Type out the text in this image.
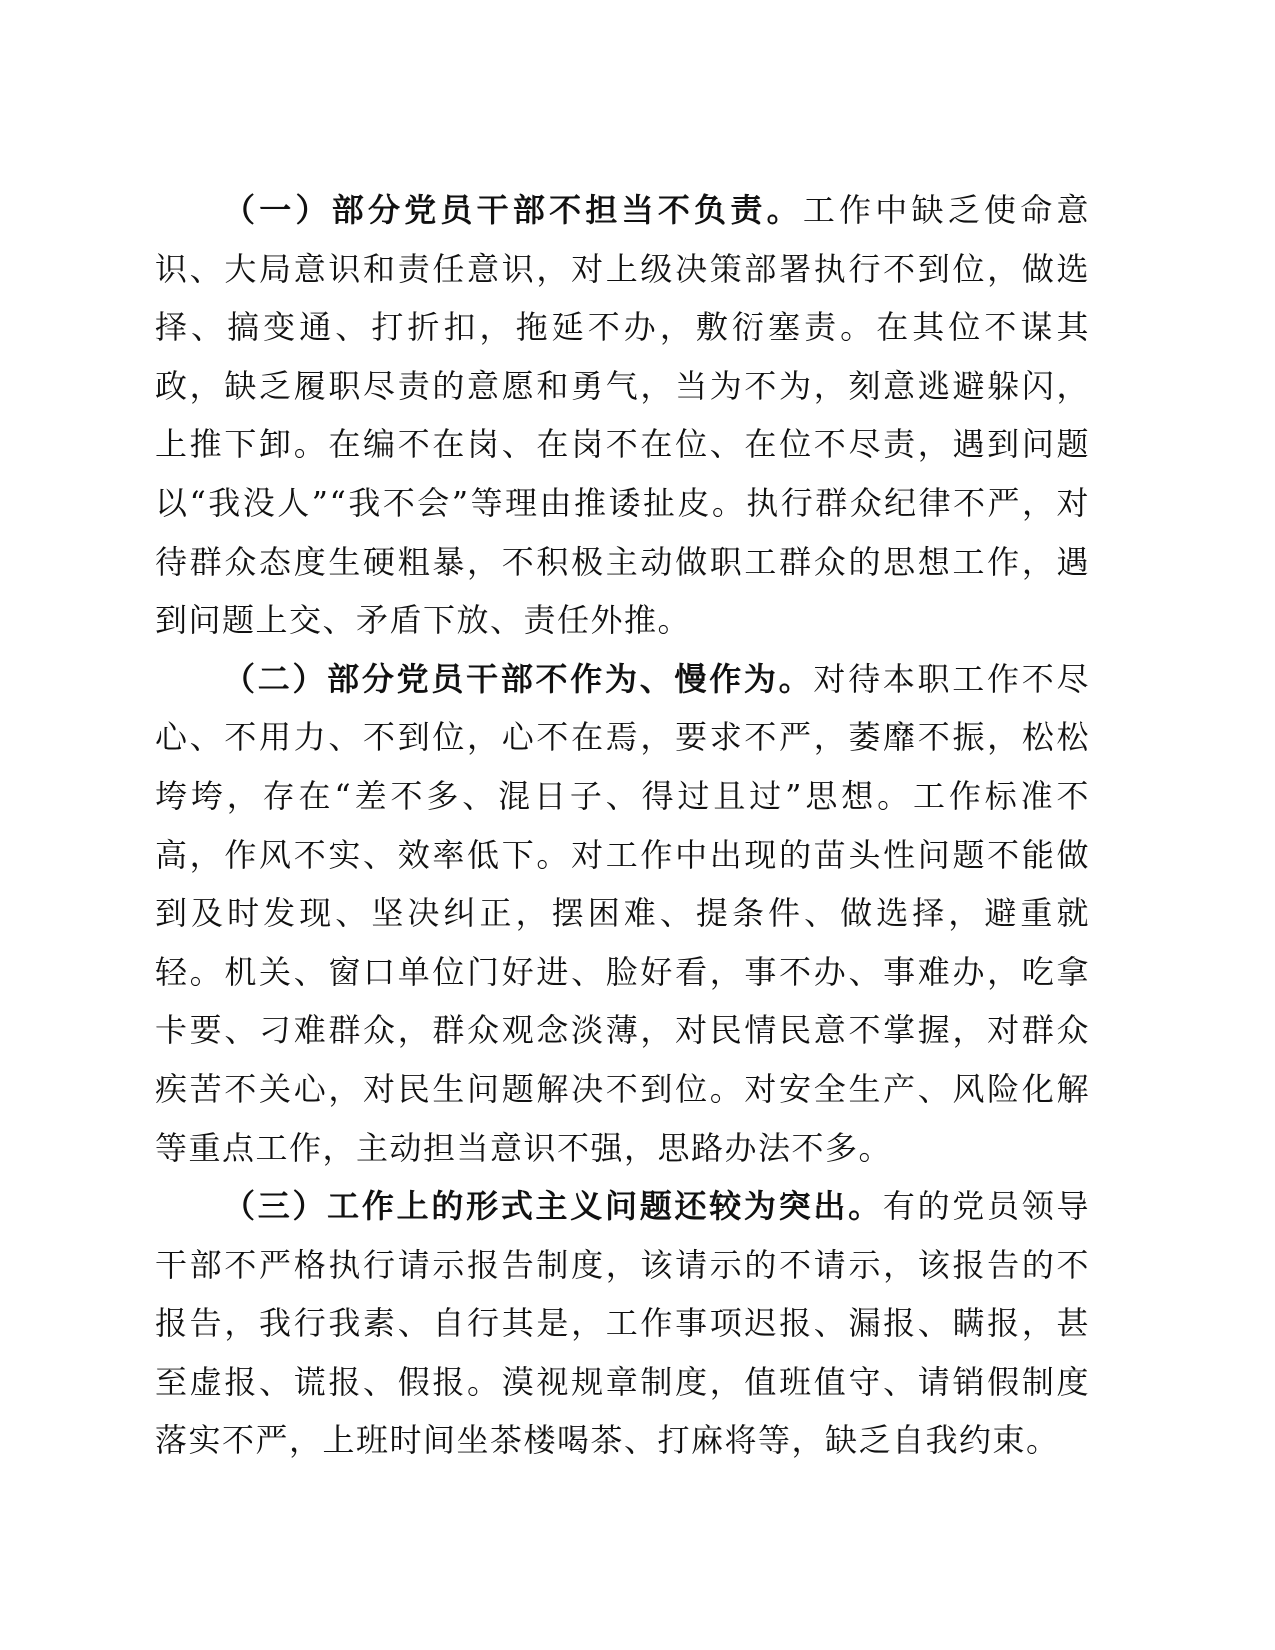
（一）部分党员干部不担当不负责。工作中缺乏使命意识、大局意识和责任意识，对上级决策部署执行不到位，做选择、搞变通、打折扣，拖延不办，敷衍塞责。在其位不谋其政，缺乏履职尽责的意愿和勇气，当为不为，刻意逃避躲闪，上推下卸。在编不在岗、在岗不在位、在位不尽责，遇到问题以“我没人”“我不会”等理由推诿扯皮。执行群众纪律不严，对待群众态度生硬粗暴，不积极主动做职工群众的思想工作，遇到问题上交、矛盾下放、责任外推。

（二）部分党员干部不作为、慢作为。对待本职工作不尽心、不用力、不到位，心不在焉，要求不严，萎靡不振，松松垮垮，存在“差不多、混日子、得过且过”思想。工作标准不高，作风不实、效率低下。对工作中出现的苗头性问题不能做到及时发现、坚决纠正，摆困难、提条件、做选择，避重就轻。机关、窗口单位门好进、脸好看，事不办、事难办，吃拿卡要、刁难群众，群众观念淡薄，对民情民意不掌握，对群众疾苦不关心，对民生问题解决不到位。对安全生产、风险化解等重点工作，主动担当意识不强，思路办法不多。

（三）工作上的形式主义问题还较为突出。有的党员领导干部不严格执行请示报告制度，该请示的不请示，该报告的不报告，我行我素、自行其是，工作事项迟报、漏报、瞒报，甚至虚报、谎报、假报。漠视规章制度，值班值守、请销假制度落实不严，上班时间坐茶楼喝茶、打麻将等，缺乏自我约束。
